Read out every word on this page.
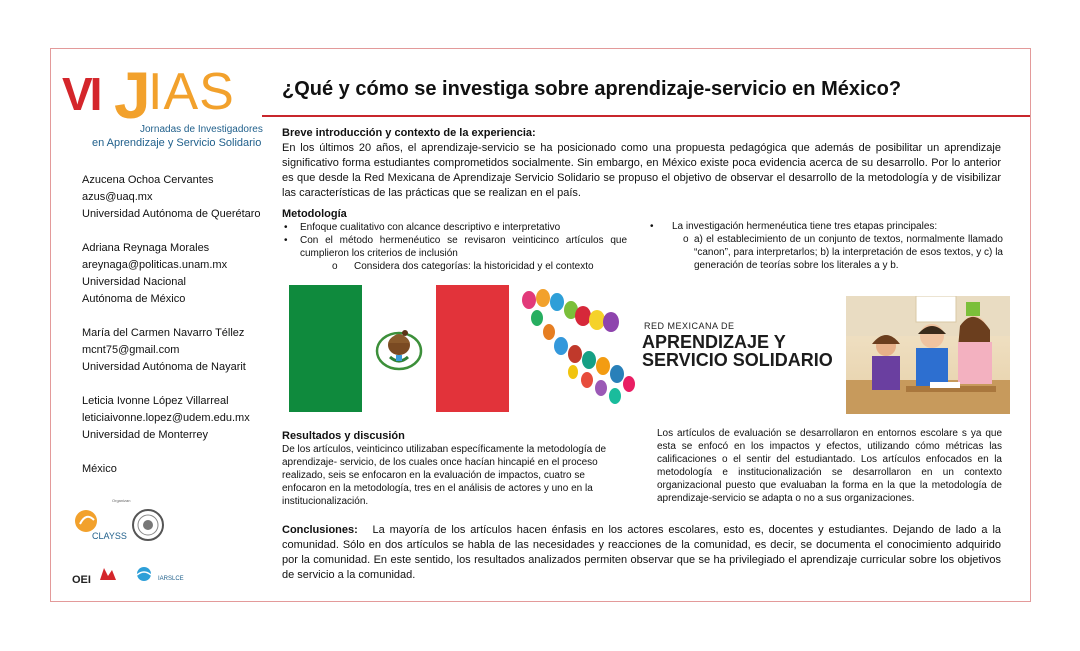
VI J
IAS
Jornadas de Investigadores
en Aprendizaje y Servicio Solidario
¿Qué y cómo se investiga sobre aprendizaje-servicio en México?

Azucena Ochoa Cervantes

azus@uaq.mx

Universidad Autónoma de Querétaro

Adriana Reynaga Morales

areynaga@politicas.unam.mx

Universidad Nacional

Autónoma de México

María del Carmen Navarro Téllez

mcnt75@gmail.com

Universidad Autónoma de Nayarit

Leticia Ivonne López Villarreal

leticiaivonne.lopez@udem.edu.mx

Universidad de Monterrey

México

Breve introducción y contexto de la experiencia:

En los últimos 20 años, el aprendizaje-servicio se ha posicionado como una propuesta pedagógica que además de posibilitar un aprendizaje significativo forma estudiantes comprometidos socialmente. Sin embargo, en México existe poca evidencia acerca de su desarrollo. Por lo anterior es que desde la Red Mexicana de Aprendizaje Servicio Solidario se propuso el objetivo de observar el desarrollo de la metodología y de visibilizar las características de las prácticas que se realizan en el país.

Metodología
• Enfoque cualitativo con alcance descriptivo e interpretativo
• Con el método hermenéutico se revisaron veinticinco artículos que cumplieron los criterios de inclusión
o Considera dos categorías: la historicidad y el contexto
• La investigación hermenéutica tiene tres etapas principales:
o a) el establecimiento de un conjunto de textos, normalmente llamado “canon”, para interpretarlos; b) la interpretación de esos textos, y c) la generación de teorías sobre los literales a y b.
RED MEXICANA DE
APRENDIZAJE Y
SERVICIO SOLIDARIO
Resultados y discusión

De los artículos, veinticinco utilizaban específicamente la metodología de aprendizaje- servicio, de los cuales once hacían hincapié en el proceso realizado, seis se enfocaron en la evaluación de impactos, cuatro se enfocaron en la metodología, tres en el análisis de actores y uno en la institucionalización.

Los artículos de evaluación se desarrollaron en entornos escolare s ya que esta se enfocó en los impactos y efectos, utilizando cómo métricas las calificaciones o el sentir del estudiantado. Los artículos enfocados en la metodología e institucionalización se desarrollaron en un contexto organizacional puesto que evaluaban la forma en la que la metodología de aprendizaje-servicio se adapta o no a sus organizaciones.
Conclusiones: La mayoría de los artículos hacen énfasis en los actores escolares, esto es, docentes y estudiantes. Dejando de lado a la comunidad. Sólo en dos artículos se habla de las necesidades y reacciones de la comunidad, es decir, se documenta el conocimiento adquirido por la comunidad. En este sentido, los resultados analizados permiten observar que se ha privilegiado el aprendizaje curricular sobre los objetivos de servicio a la comunidad.
Organizan
CLAYSS
OEI	IARSLCE
